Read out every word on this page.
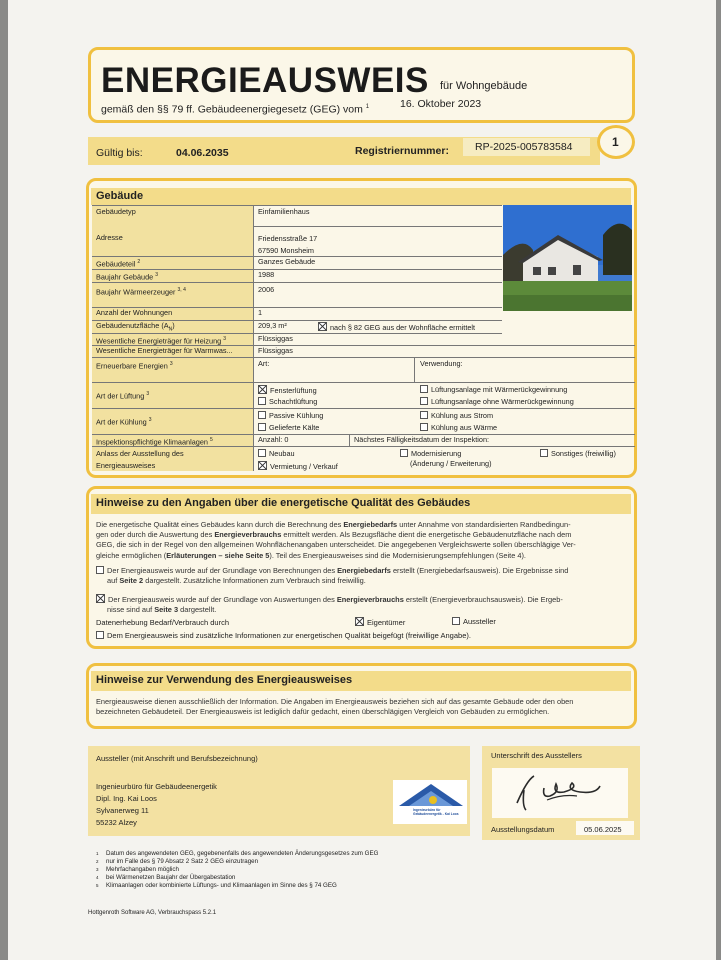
ENERGIEAUSWEIS für Wohngebäude
gemäß den §§ 79 ff. Gebäudeenergiegesetz (GEG) vom $^1$	16. Oktober 2023
Gültig bis:	04.06.2035	Registriernummer: RP-2025-005783584	1
Gebäude
Gebäudetyp	Einfamilienhaus
Adresse	Friedensstraße 17
67590 Monsheim
Gebäudeteil $^2$	Ganzes Gebäude
Baujahr Gebäude $^3$	1988
Baujahr Wärmeerzeuger $^{3, 4}$	2006
Anzahl der Wohnungen	1
Gebäudenutzfläche $(A_N)$	209,3 m²	nach § 82 GEG aus der Wohnfläche ermittelt
Wesentliche Energieträger für Heizung $^3$	Flüssiggas
Wesentliche Energieträger für Warmwas...	Flüssiggas
Erneuerbare Energien $^3$	Art:	Verwendung:
Art der Lüftung $^3$	Fensterlüftung
Schachtlüftung
Lüftungsanlage mit Wärmerückgewinnung
Lüftungsanlage ohne Wärmerückgewinnung
Art der Kühlung $^3$	Passive Kühlung
Gelieferte Kälte
Kühlung aus Strom
Kühlung aus Wärme
Inspektionspflichtige Klimaanlagen $^5$	Anzahl: 0	Nächstes Fälligkeitsdatum der Inspektion:
Anlass der Ausstellung des
Energieausweises
Neubau	Modernisierung
(Änderung / Erweiterung)
Sonstiges (freiwillig)
Vermietung / Verkauf
Hinweise zu den Angaben über die energetische Qualität des Gebäudes
Die energetische Qualität eines Gebäudes kann durch die Berechnung des Energiebedarfs unter Annahme von standardisierten Randbedingun-
gen oder durch die Auswertung des Energieverbrauchs ermittelt werden. Als Bezugsfläche dient die energetische Gebäudenutzfläche nach dem
GEG, die sich in der Regel von den allgemeinen Wohnflächenangaben unterscheidet. Die angegebenen Vergleichswerte sollen überschlägige Ver-
gleiche ermöglichen (Erläuterungen – siehe Seite 5). Teil des Energieausweises sind die Modernisierungsempfehlungen (Seite 4).
Der Energieausweis wurde auf der Grundlage von Berechnungen des Energiebedarfs erstellt (Energiebedarfsausweis). Die Ergebnisse sind
auf Seite 2 dargestellt. Zusätzliche Informationen zum Verbrauch sind freiwillig.
Der Energieausweis wurde auf der Grundlage von Auswertungen des Energieverbrauchs erstellt (Energieverbrauchsausweis). Die Ergeb-
nisse sind auf Seite 3 dargestellt.
Datenerhebung Bedarf/Verbrauch durch	Eigentümer	Aussteller
Dem Energieausweis sind zusätzliche Informationen zur energetischen Qualität beigefügt (freiwillige Angabe).
Hinweise zur Verwendung des Energieausweises
Energieausweise dienen ausschließlich der Information. Die Angaben im Energieausweis beziehen sich auf das gesamte Gebäude oder den oben
bezeichneten Gebäudeteil. Der Energieausweis ist lediglich dafür gedacht, einen überschlägigen Vergleich von Gebäuden zu ermöglichen.
Aussteller (mit Anschrift und Berufsbezeichnung)
Ingenieurbüro für Gebäudeenergetik
Dipl. Ing. Kai Loos
Sylvanerweg 11
55232 Alzey
Ingenieurbüro für Gebäudeenergetik - Kai Loos
Unterschrift des Ausstellers
Ausstellungsdatum	05.06.2025
1 Datum des angewendeten GEG, gegebenenfalls des angewendeten Änderungsgesetzes zum GEG
2 nur im Falle des § 79 Absatz 2 Satz 2 GEG einzutragen
3 Mehrfachangaben möglich
4 bei Wärmenetzen Baujahr der Übergabestation
5 Klimaanlagen oder kombinierte Lüftungs- und Klimaanlagen im Sinne des § 74 GEG
Hottgenroth Software AG, Verbrauchspass 5.2.1
